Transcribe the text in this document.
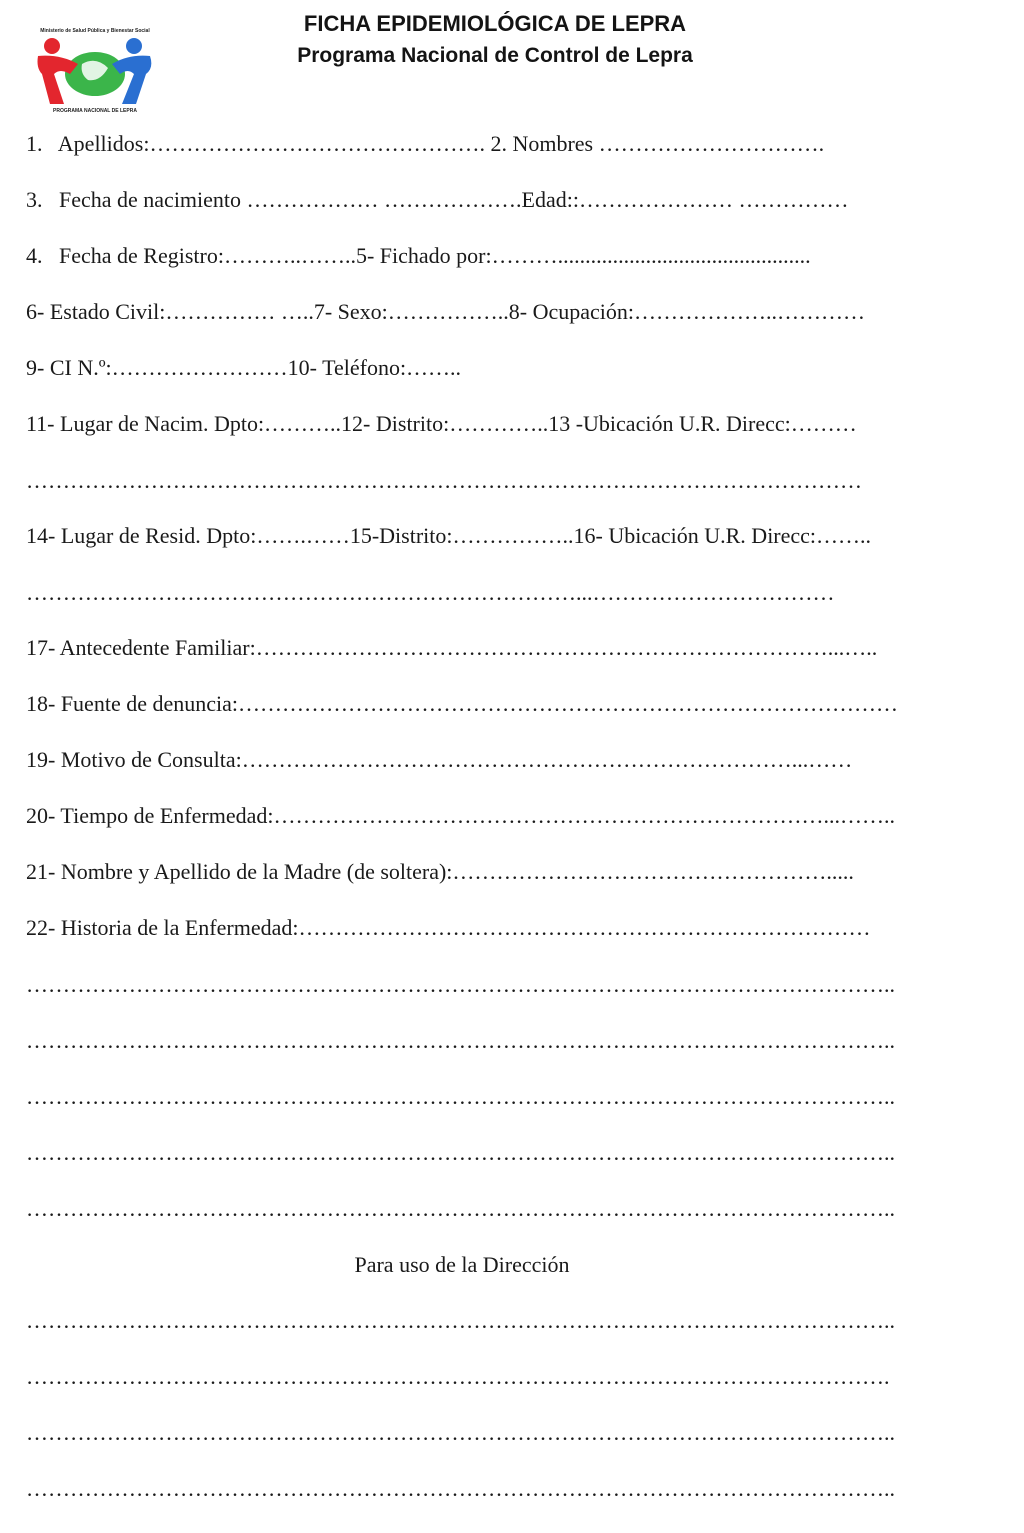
Ministerio de Salud Pública y Bienestar Social
PROGRAMA NACIONAL DE LEPRA
FICHA EPIDEMIOLÓGICA DE LEPRA
Programa Nacional de Control de Lepra
1.   Apellidos:………………………………………. 2. Nombres ………………………….
3.   Fecha de nacimiento ……………… ……………….Edad::………………… ……………
4.   Fecha de Registro:………..……..5- Fichado por:………..............................................
6- Estado Civil:…………… …..7- Sexo:……………..8- Ocupación:………………..…………
9- CI N.º:……………………10- Teléfono:……..
11- Lugar de Nacim. Dpto:………..12- Distrito:…………..13 -Ubicación U.R. Direcc:………
……………………………………………………………………………………………………
14- Lugar de Resid. Dpto:…….……15-Distrito:……………..16- Ubicación U.R. Direcc:……..
…………………………………………………………………...……………………………
17- Antecedente Familiar:……………………………………………………………………...…..
18- Fuente de denuncia:………………………………………………………………………………
19- Motivo de Consulta:…………………………………………………………………...……
20- Tiempo de Enfermedad:…………………………………………………………………...……..
21- Nombre y Apellido de la Madre (de soltera):…………………………………………….....
22- Historia de la Enfermedad:……………………………………………………………………
………………………………………………………………………………………………………..
………………………………………………………………………………………………………..
………………………………………………………………………………………………………..
………………………………………………………………………………………………………..
………………………………………………………………………………………………………..
Para uso de la Dirección
………………………………………………………………………………………………………..
……………………………………………………………………………………………………….
………………………………………………………………………………………………………..
………………………………………………………………………………………………………..
